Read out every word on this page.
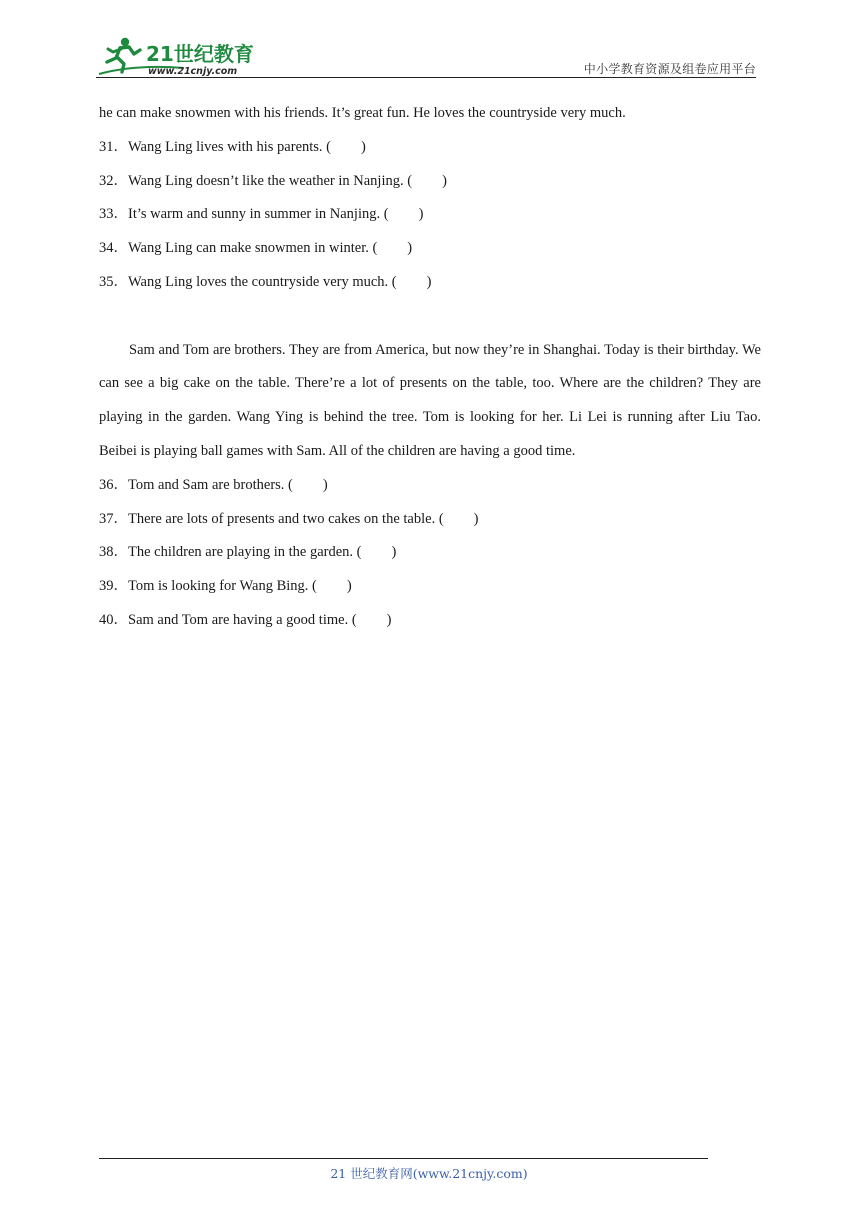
21世纪教育
www.21cnjy.com	中小学教育资源及组卷应用平台
he can make snowmen with his friends. It’s great fun. He loves the countryside very much.
31．Wang Ling lives with his parents. ( )
32．Wang Ling doesn’t like the weather in Nanjing. ( )
33．It’s warm and sunny in summer in Nanjing. ( )
34．Wang Ling can make snowmen in winter. ( )
35．Wang Ling loves the countryside very much. ( )

Sam and Tom are brothers. They are from America, but now they’re in Shanghai. Today is their birthday. We can see a big cake on the table. There’re a lot of presents on the table, too. Where are the children? They are playing in the garden. Wang Ying is behind the tree. Tom is looking for her. Li Lei is running after Liu Tao. Beibei is playing ball games with Sam. All of the children are having a good time.

36．Tom and Sam are brothers. ( )
37．There are lots of presents and two cakes on the table. ( )
38．The children are playing in the garden. ( )
39．Tom is looking for Wang Bing. ( )
40．Sam and Tom are having a good time. ( )
21 世纪教育网(www.21cnjy.com)
